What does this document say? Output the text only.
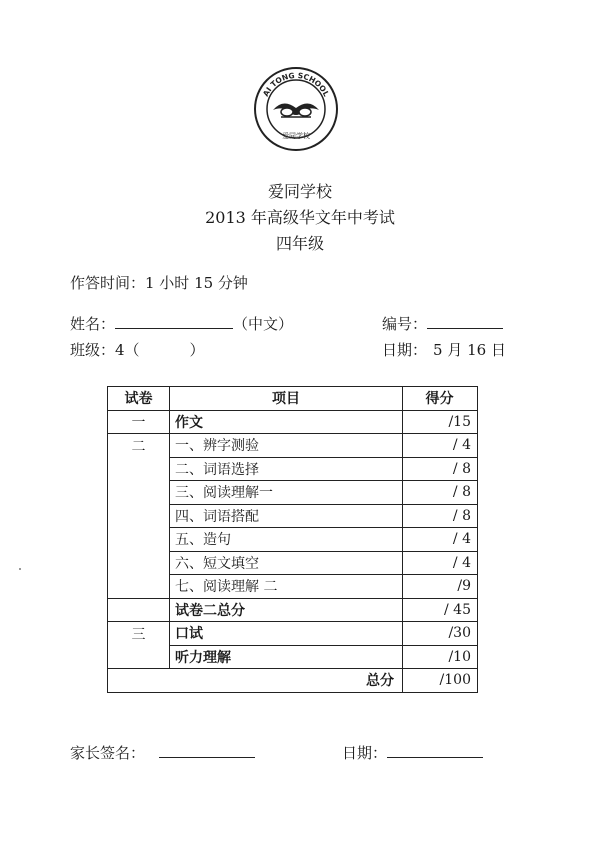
AI TONG SCHOOL
爱同学校
爱同学校
2013 年高级华文年中考试
四年级
作答时间：1 小时 15 分钟
姓名：	（中文）	编号：
班级：4（	）	日期： 5 月 16 日
试卷	项目	得分
一	作文	/15
二	一、辨字测验	/ 4
	二、词语选择	/ 8
	三、阅读理解一	/ 8
	四、词语搭配	/ 8
	五、造句	/ 4
	六、短文填空	/ 4
	七、阅读理解 二	/9
	试卷二总分	/ 45
三	口试	/30
	听力理解	/10
总分		/100
家长签名：	日期：
